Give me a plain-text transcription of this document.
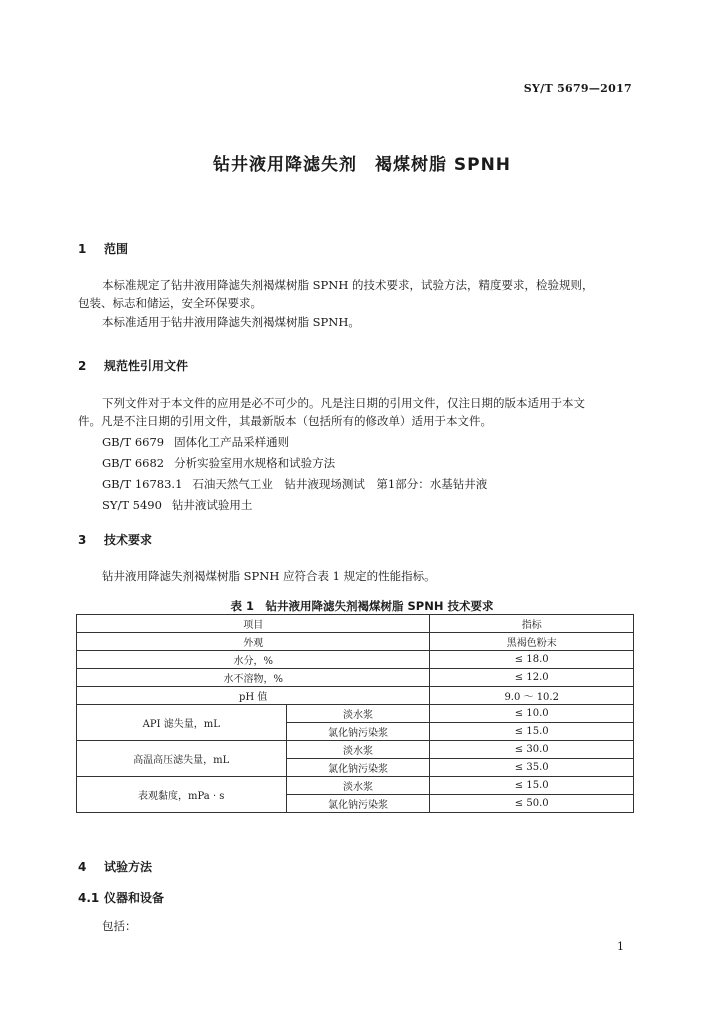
SY/T 5679—2017
钻井液用降滤失剂　褐煤树脂 SPNH
1 范围
本标准规定了钻井液用降滤失剂褐煤树脂 SPNH 的技术要求，试验方法，精度要求，检验规则，
包装、标志和储运，安全环保要求。
本标准适用于钻井液用降滤失剂褐煤树脂 SPNH。
2 规范性引用文件
下列文件对于本文件的应用是必不可少的。凡是注日期的引用文件，仅注日期的版本适用于本文
件。凡是不注日期的引用文件，其最新版本（包括所有的修改单）适用于本文件。
GB/T 6679 固体化工产品采样通则
GB/T 6682 分析实验室用水规格和试验方法
GB/T 16783.1 石油天然气工业　钻井液现场测试　第1部分：水基钻井液
SY/T 5490 钻井液试验用土
3 技术要求
钻井液用降滤失剂褐煤树脂 SPNH 应符合表 1 规定的性能指标。
表 1　钻井液用降滤失剂褐煤树脂 SPNH 技术要求
项目		指标
外观		黑褐色粉末
水分，%		≤ 18.0
水不溶物，%		≤ 12.0
pH 值		9.0 ～ 10.2
API 滤失量，mL	淡水浆	≤ 10.0
	氯化钠污染浆	≤ 15.0
高温高压滤失量，mL	淡水浆	≤ 30.0
	氯化钠污染浆	≤ 35.0
表观黏度，mPa · s	淡水浆	≤ 15.0
	氯化钠污染浆	≤ 50.0
4 试验方法
4.1 仪器和设备
包括：
1
